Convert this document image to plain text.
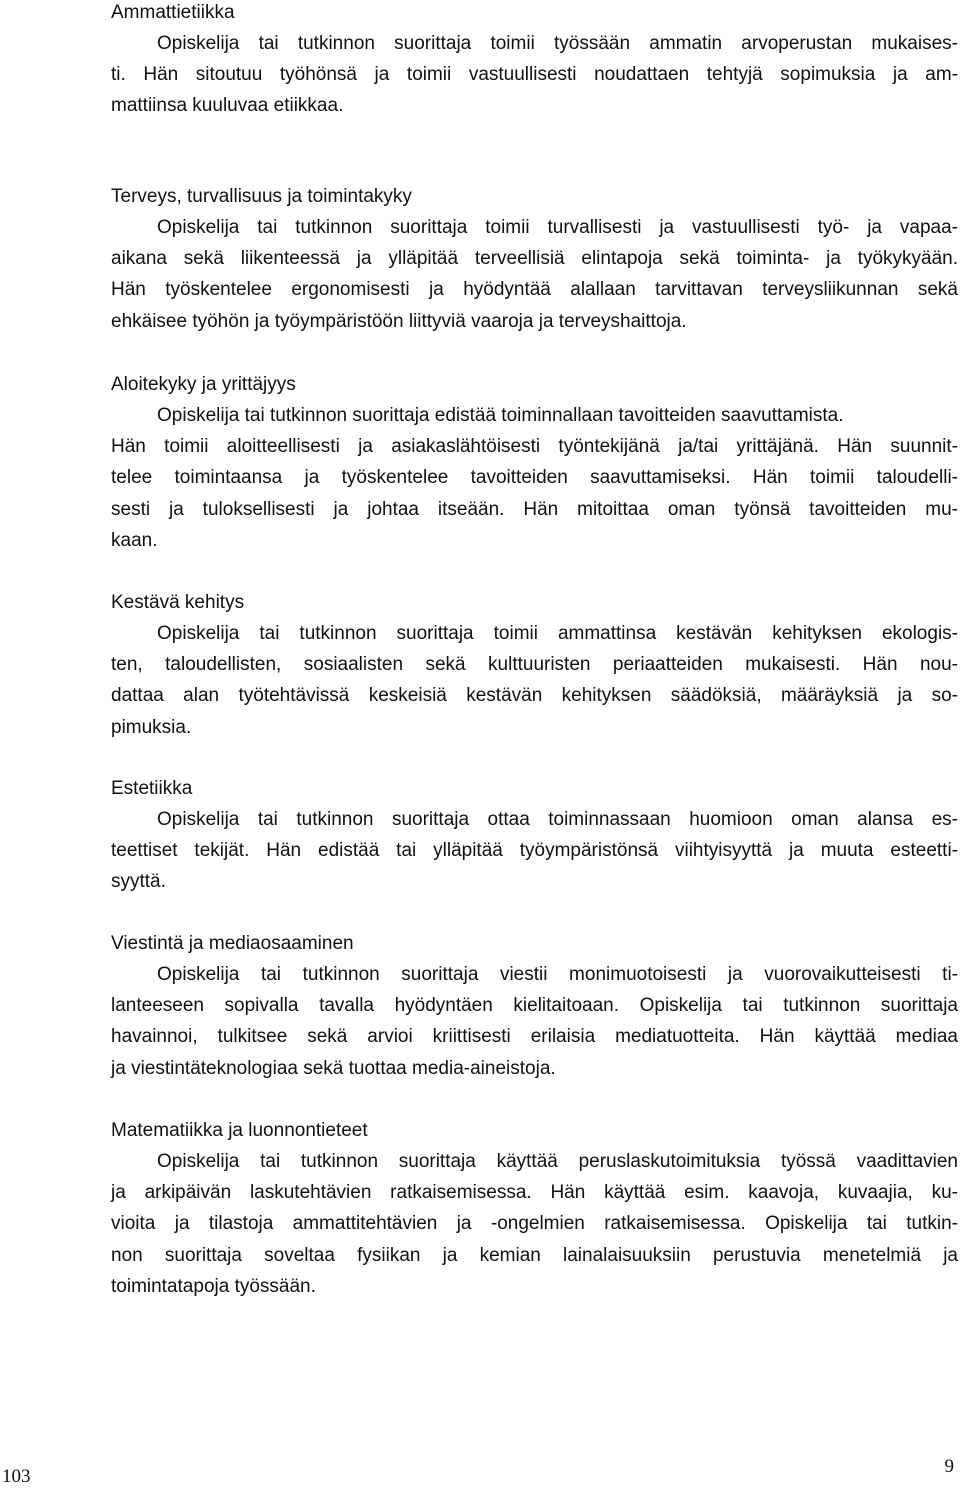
Ammattietiikka

Opiskelija tai tutkinnon suorittaja toimii työssään ammatin arvoperustan mukaises-

ti. Hän sitoutuu työhönsä ja toimii vastuullisesti noudattaen tehtyjä sopimuksia ja am-

mattiinsa kuuluvaa etiikkaa.

Terveys, turvallisuus ja toimintakyky

Opiskelija tai tutkinnon suorittaja toimii turvallisesti ja vastuullisesti työ- ja vapaa-

aikana sekä liikenteessä ja ylläpitää terveellisiä elintapoja sekä toiminta- ja työkykyään.

Hän työskentelee ergonomisesti ja hyödyntää alallaan tarvittavan terveysliikunnan sekä

ehkäisee työhön ja työympäristöön liittyviä vaaroja ja terveyshaittoja.

Aloitekyky ja yrittäjyys

Opiskelija tai tutkinnon suorittaja edistää toiminnallaan tavoitteiden saavuttamista.

Hän toimii aloitteellisesti ja asiakaslähtöisesti työntekijänä ja/tai yrittäjänä. Hän suunnit-

telee toimintaansa ja työskentelee tavoitteiden saavuttamiseksi. Hän toimii taloudelli-

sesti ja tuloksellisesti ja johtaa itseään. Hän mitoittaa oman työnsä tavoitteiden mu-

kaan.

Kestävä kehitys

Opiskelija tai tutkinnon suorittaja toimii ammattinsa kestävän kehityksen ekologis-

ten, taloudellisten, sosiaalisten sekä kulttuuristen periaatteiden mukaisesti. Hän nou-

dattaa alan työtehtävissä keskeisiä kestävän kehityksen säädöksiä, määräyksiä ja so-

pimuksia.

Estetiikka

Opiskelija tai tutkinnon suorittaja ottaa toiminnassaan huomioon oman alansa es-

teettiset tekijät. Hän edistää tai ylläpitää työympäristönsä viihtyisyyttä ja muuta esteetti-

syyttä.

Viestintä ja mediaosaaminen

Opiskelija tai tutkinnon suorittaja viestii monimuotoisesti ja vuorovaikutteisesti ti-

lanteeseen sopivalla tavalla hyödyntäen kielitaitoaan. Opiskelija tai tutkinnon suorittaja

havainnoi, tulkitsee sekä arvioi kriittisesti erilaisia mediatuotteita. Hän käyttää mediaa

ja viestintäteknologiaa sekä tuottaa media-aineistoja.

Matematiikka ja luonnontieteet

Opiskelija tai tutkinnon suorittaja käyttää peruslaskutoimituksia työssä vaadittavien

ja arkipäivän laskutehtävien ratkaisemisessa. Hän käyttää esim. kaavoja, kuvaajia, ku-

vioita ja tilastoja ammattitehtävien ja -ongelmien ratkaisemisessa. Opiskelija tai tutkin-

non suorittaja soveltaa fysiikan ja kemian lainalaisuuksiin perustuvia menetelmiä ja

toimintatapoja työssään.

103	9
